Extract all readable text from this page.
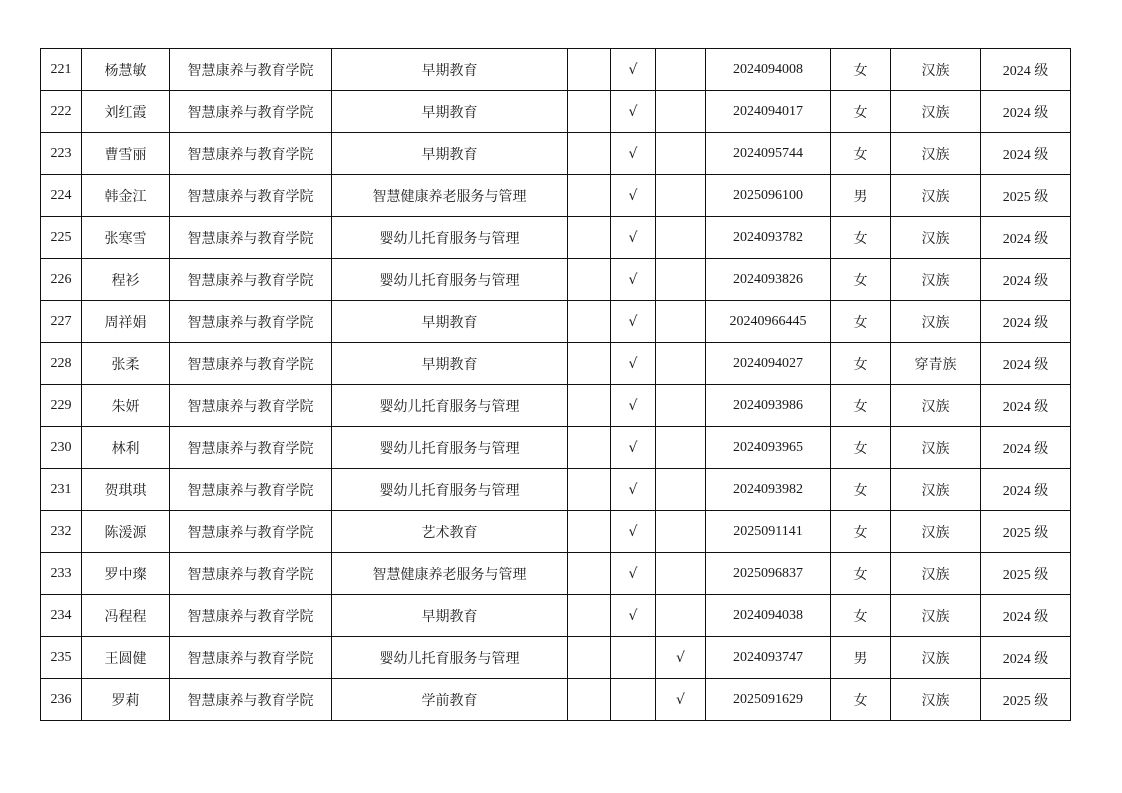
221	杨慧敏	智慧康养与教育学院	早期教育		√		2024094008	女	汉族	2024 级
222	刘红霞	智慧康养与教育学院	早期教育		√		2024094017	女	汉族	2024 级
223	曹雪丽	智慧康养与教育学院	早期教育		√		2024095744	女	汉族	2024 级
224	韩金江	智慧康养与教育学院	智慧健康养老服务与管理		√		2025096100	男	汉族	2025 级
225	张寒雪	智慧康养与教育学院	婴幼儿托育服务与管理		√		2024093782	女	汉族	2024 级
226	程衫	智慧康养与教育学院	婴幼儿托育服务与管理		√		2024093826	女	汉族	2024 级
227	周祥娟	智慧康养与教育学院	早期教育		√		20240966445	女	汉族	2024 级
228	张柔	智慧康养与教育学院	早期教育		√		2024094027	女	穿青族	2024 级
229	朱妍	智慧康养与教育学院	婴幼儿托育服务与管理		√		2024093986	女	汉族	2024 级
230	林利	智慧康养与教育学院	婴幼儿托育服务与管理		√		2024093965	女	汉族	2024 级
231	贺琪琪	智慧康养与教育学院	婴幼儿托育服务与管理		√		2024093982	女	汉族	2024 级
232	陈湲源	智慧康养与教育学院	艺术教育		√		2025091141	女	汉族	2025 级
233	罗中璨	智慧康养与教育学院	智慧健康养老服务与管理		√		2025096837	女	汉族	2025 级
234	冯程程	智慧康养与教育学院	早期教育		√		2024094038	女	汉族	2024 级
235	王圆健	智慧康养与教育学院	婴幼儿托育服务与管理			√	2024093747	男	汉族	2024 级
236	罗莉	智慧康养与教育学院	学前教育			√	2025091629	女	汉族	2025 级
